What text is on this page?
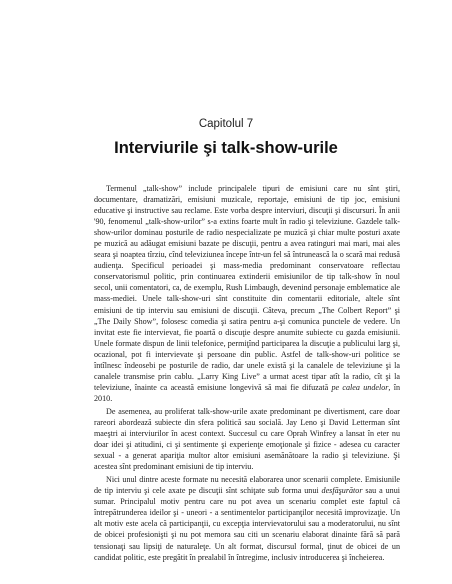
Capitolul 7
Interviurile şi talk-show-urile

Termenul „talk-show” include principalele tipuri de emisiuni care nu sînt ştiri, documentare, dramatizări, emisiuni muzicale, reportaje, emisiuni de tip joc, emisiuni educative şi instructive sau reclame. Este vorba despre interviuri, discuţii şi discursuri. În anii '90, fenomenul „talk-show-urilor” s-a extins foarte mult în radio şi televiziune. Gazdele talk-show-urilor dominau posturile de radio nespecializate pe muzică şi chiar multe posturi axate pe muzică au adăugat emisiuni bazate pe discuţii, pentru a avea ratinguri mai mari, mai ales seara şi noaptea tîrziu, cînd televiziunea începe într-un fel să întrunească la o scară mai redusă audienţa. Specificul perioadei şi mass-media predominant conservatoare reflectau conservatorismul politic, prin continuarea extinderii emisiunilor de tip talk-show în noul secol, unii comentatori, ca, de exemplu, Rush Limbaugh, devenind personaje emblematice ale mass-mediei. Unele talk-show-uri sînt constituite din comentarii editoriale, altele sînt emisiuni de tip interviu sau emisiuni de discuţii. Câteva, precum „The Colbert Report” şi „The Daily Show”, folosesc comedia şi satira pentru a-şi comunica punctele de vedere. Un invitat este fie intervievat, fie poartă o discuţie despre anumite subiecte cu gazda emisiunii. Unele formate dispun de linii telefonice, permiţînd participarea la discuţie a publicului larg şi, ocazional, pot fi intervievate şi persoane din public. Astfel de talk-show-uri politice se întîlnesc îndeosebi pe posturile de radio, dar unele există şi la canalele de televiziune şi la canalele transmise prin cablu. „Larry King Live” a urmat acest tipar atît la radio, cît şi la televiziune, înainte ca această emisiune longevivă să mai fie difuzată pe calea undelor, în 2010.

De asemenea, au proliferat talk-show-urile axate predominant pe divertisment, care doar rareori abordează subiecte din sfera politică sau socială. Jay Leno şi David Letterman sînt maeştri ai interviurilor în acest context. Succesul cu care Oprah Winfrey a lansat în eter nu doar idei şi atitudini, ci şi sentimente şi experienţe emoţionale şi fizice - adesea cu caracter sexual - a generat apariţia multor altor emisiuni asemănătoare la radio şi televiziune. Şi acestea sînt predominant emisiuni de tip interviu.

Nici unul dintre aceste formate nu necesită elaborarea unor scenarii complete. Emisiunile de tip interviu şi cele axate pe discuţii sînt schiţate sub forma unui desfăşurător sau a unui sumar. Principalul motiv pentru care nu pot avea un scenariu complet este faptul că întrepătrunderea ideilor şi - uneori - a sentimentelor participanţilor necesită improvizaţie. Un alt motiv este acela că participanţii, cu excepţia intervievatorului sau a moderatorului, nu sînt de obicei profesionişti şi nu pot memora sau citi un scenariu elaborat dinainte fără să pară tensionaţi sau lipsiţi de naturaleţe. Un alt format, discursul formal, ţinut de obicei de un candidat politic, este pregătit în prealabil în întregime, inclusiv introducerea şi încheierea.
